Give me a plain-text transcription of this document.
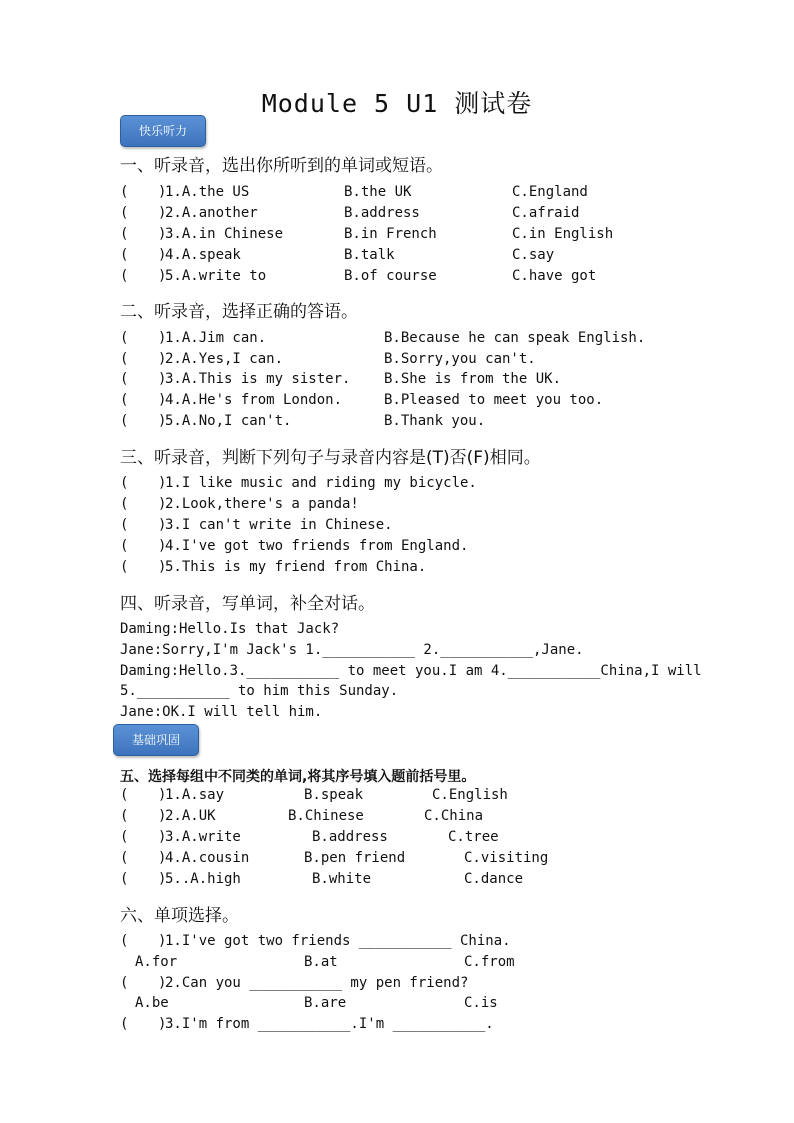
Module 5 U1 测试卷
快乐听力
一、听录音，选出你所听到的单词或短语。
( )
1.A.the US	B.the UK	C.England
( )
2.A.another	B.address	C.afraid
( )
3.A.in Chinese	B.in French	C.in English
( )
4.A.speak	B.talk	C.say
( )
5.A.write to	B.of course	C.have got
二、听录音，选择正确的答语。
( )
1.A.Jim can.	B.Because he can speak English.
( )
2.A.Yes,I can.	B.Sorry,you can't.
( )
3.A.This is my sister. B.She is from the UK.
( )
4.A.He's from London.	B.Pleased to meet you too.
( )
5.A.No,I can't.	B.Thank you.
三、听录音，判断下列句子与录音内容是(T)否(F)相同。
( )
1.I like music and riding my bicycle.
( )
2.Look,there's a panda!
( )
3.I can't write in Chinese.
( )
4.I've got two friends from England.
( )
5.This is my friend from China.
四、听录音，写单词，补全对话。
Daming:Hello.Is that Jack?
Jane:Sorry,I'm Jack's 1.___________ 2.___________,Jane.
Daming:Hello.3.___________ to meet you.I am 4.___________China,I will
5.___________ to him this Sunday.
Jane:OK.I will tell him.
基础巩固
五、选择每组中不同类的单词,将其序号填入题前括号里。
( )
1.A.say	B.speak	C.English
( )
2.A.UK	B.Chinese	C.China
( )
3.A.write	B.address	C.tree
( )
4.A.cousin	B.pen friend	C.visiting
( )
5..A.high	B.white	C.dance
六、单项选择。
( )
1.I've got two friends ___________ China.
A.for	B.at	C.from
( )
2.Can you ___________ my pen friend?
A.be	B.are	C.is
( )
3.I'm from ___________.I'm ___________.
